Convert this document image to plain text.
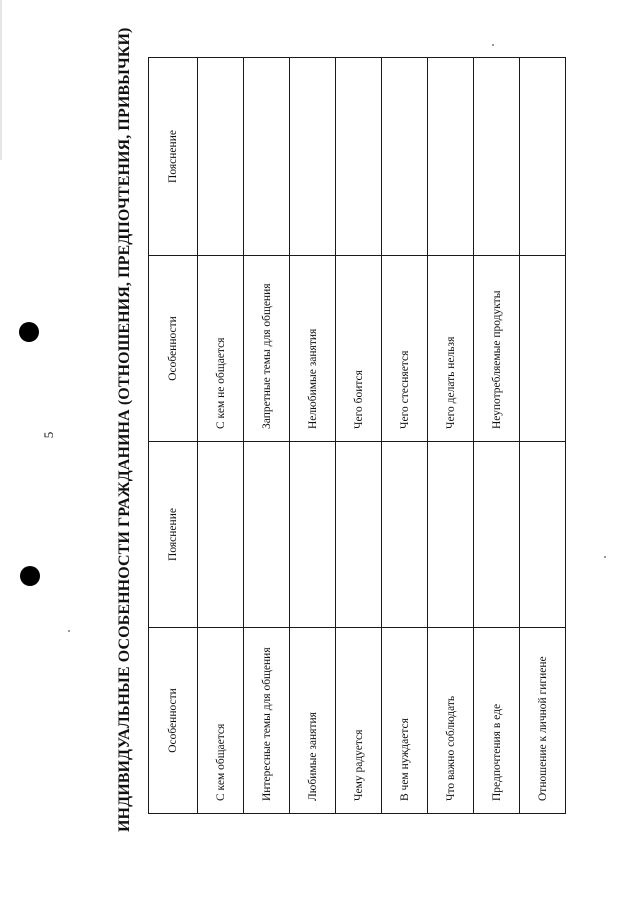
5	ИНДИВИДУАЛЬНЫЕ ОСОБЕННОСТИ ГРАЖДАНИНА (ОТНОШЕНИЯ, ПРЕДПОЧТЕНИЯ, ПРИВЫЧКИ)	Особенности	Пояснение	Особенности	Пояснение
С кем общается		С кем не общается	
Интересные темы для общения		Запретные темы для общения	
Любимые занятия		Нелюбимые занятия	
Чему радуется		Чего боится	
В чем нуждается		Чего стесняется	
Что важно соблюдать		Чего делать нельзя	
Предпочтения в еде		Неупотребляемые продукты	
Отношение к личной гигиене			
